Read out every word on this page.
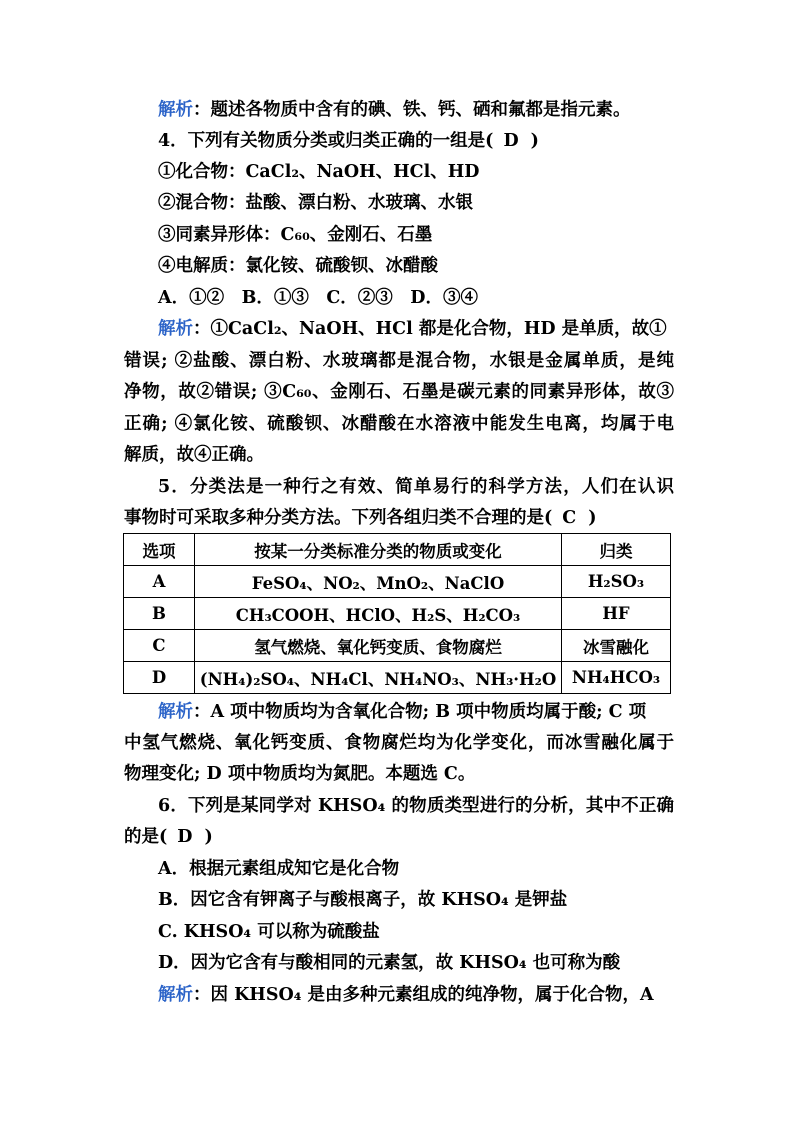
解析：题述各物质中含有的碘、铁、钙、硒和氟都是指元素。
4．下列有关物质分类或归类正确的一组是( D )
①化合物：CaCl₂、NaOH、HCl、HD
②混合物：盐酸、漂白粉、水玻璃、水银
③同素异形体：C₆₀、金刚石、石墨
④电解质：氯化铵、硫酸钡、冰醋酸
A．①②　B．①③　C．②③　D．③④
解析：①CaCl₂、NaOH、HCl 都是化合物，HD 是单质，故①
错误; ②盐酸、漂白粉、水玻璃都是混合物，水银是金属单质，是纯
净物，故②错误; ③C₆₀、金刚石、石墨是碳元素的同素异形体，故③
正确; ④氯化铵、硫酸钡、冰醋酸在水溶液中能发生电离，均属于电
解质，故④正确。
5．分类法是一种行之有效、简单易行的科学方法，人们在认识
事物时可采取多种分类方法。下列各组归类不合理的是( C )
选项	按某一分类标准分类的物质或变化	归类
A	FeSO₄、NO₂、MnO₂、NaClO	H₂SO₃
B	CH₃COOH、HClO、H₂S、H₂CO₃	HF
C	氢气燃烧、氧化钙变质、食物腐烂	冰雪融化
D	(NH₄)₂SO₄、NH₄Cl、NH₄NO₃、NH₃·H₂O	NH₄HCO₃
解析：A 项中物质均为含氧化合物; B 项中物质均属于酸; C 项
中氢气燃烧、氧化钙变质、食物腐烂均为化学变化，而冰雪融化属于
物理变化; D 项中物质均为氮肥。本题选 C。
6．下列是某同学对 KHSO₄ 的物质类型进行的分析，其中不正确
的是( D )
A．根据元素组成知它是化合物
B．因它含有钾离子与酸根离子，故 KHSO₄ 是钾盐
C. KHSO₄ 可以称为硫酸盐
D．因为它含有与酸相同的元素氢，故 KHSO₄ 也可称为酸
解析：因 KHSO₄ 是由多种元素组成的纯净物，属于化合物，A
